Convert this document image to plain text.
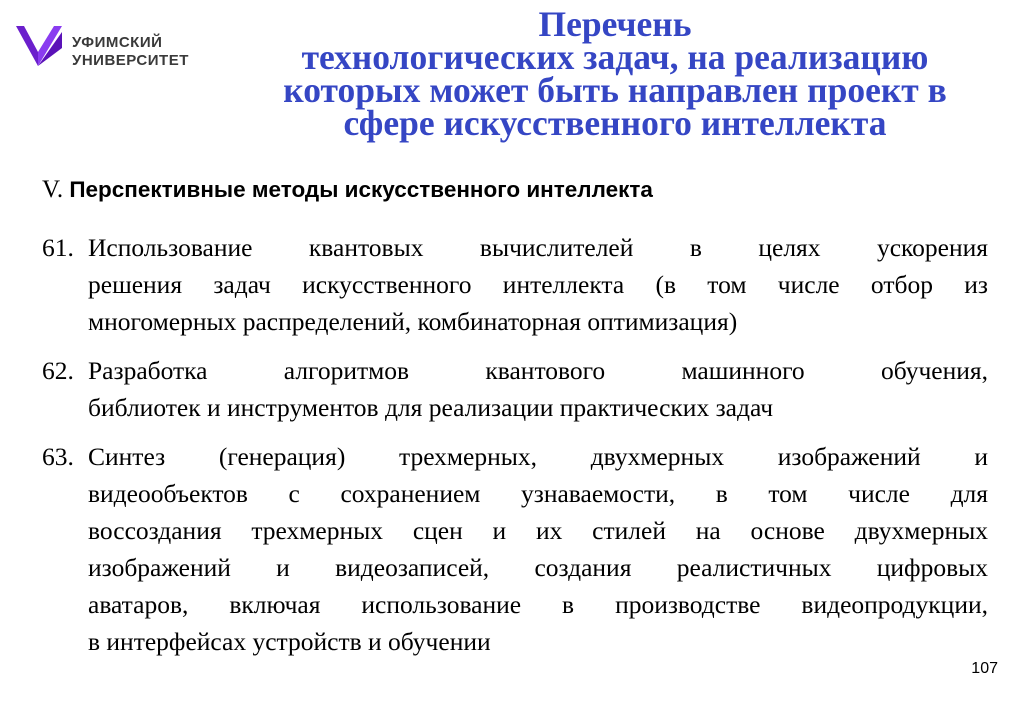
УФИМСКИЙ
УНИВЕРСИТЕТ
Перечень
технологических задач, на реализацию
которых может быть направлен проект в
сфере искусственного интеллекта
V. Перспективные методы искусственного интеллекта
61. Использование квантовых вычислителей в целях ускорения
решения задач искусственного интеллекта (в том числе отбор из
многомерных распределений, комбинаторная оптимизация)
62. Разработка алгоритмов квантового машинного обучения,
библиотек и инструментов для реализации практических задач
63. Синтез (генерация) трехмерных, двухмерных изображений и
видеообъектов с сохранением узнаваемости, в том числе для
воссоздания трехмерных сцен и их стилей на основе двухмерных
изображений и видеозаписей, создания реалистичных цифровых
аватаров, включая использование в производстве видеопродукции,
в интерфейсах устройств и обучении
107
